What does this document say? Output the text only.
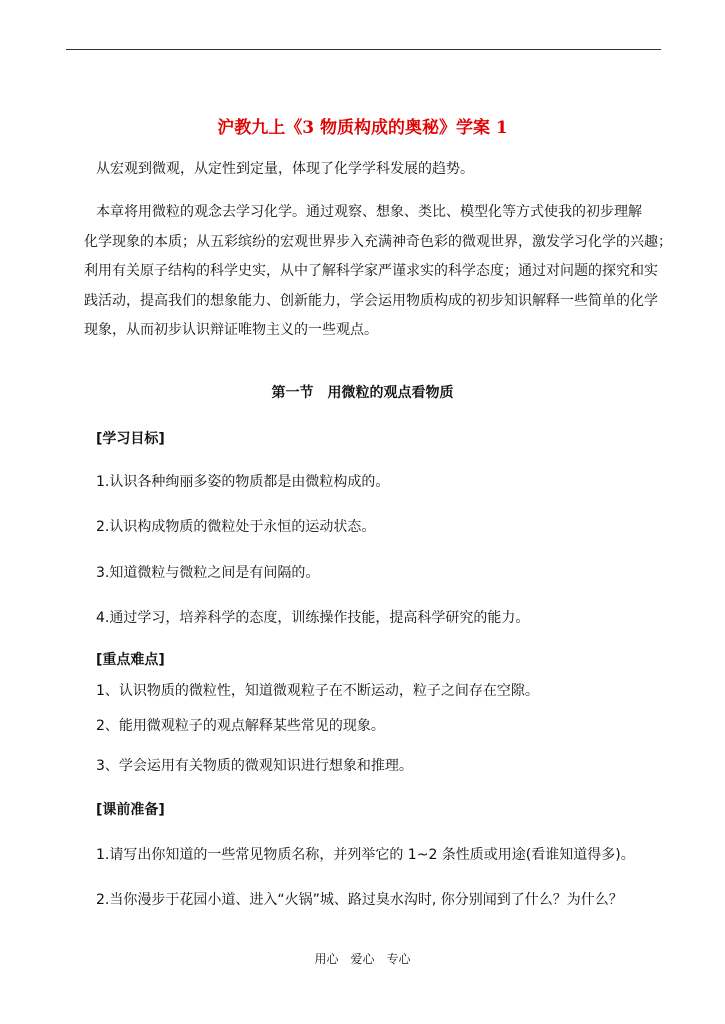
沪教九上《3 物质构成的奥秘》学案 1
从宏观到微观，从定性到定量，体现了化学学科发展的趋势。
本章将用微粒的观念去学习化学。通过观察、想象、类比、模型化等方式使我的初步理解
化学现象的本质；从五彩缤纷的宏观世界步入充满神奇色彩的微观世界，激发学习化学的兴趣；
利用有关原子结构的科学史实，从中了解科学家严谨求实的科学态度；通过对问题的探究和实
践活动，提高我们的想象能力、创新能力，学会运用物质构成的初步知识解释一些简单的化学
现象，从而初步认识辩证唯物主义的一些观点。
第一节　用微粒的观点看物质
[学习目标]
1.认识各种绚丽多姿的物质都是由微粒构成的。
2.认识构成物质的微粒处于永恒的运动状态。
3.知道微粒与微粒之间是有间隔的。
4.通过学习，培养科学的态度，训练操作技能，提高科学研究的能力。
[重点难点]
1、认识物质的微粒性，知道微观粒子在不断运动，粒子之间存在空隙。
2、能用微观粒子的观点解释某些常见的现象。
3、学会运用有关物质的微观知识进行想象和推理。
[课前准备]
1.请写出你知道的一些常见物质名称，并列举它的 1~2 条性质或用途(看谁知道得多)。
2.当你漫步于花园小道、进入“火锅”城、路过臭水沟时, 你分别闻到了什么？为什么？
用心　爱心　专心
